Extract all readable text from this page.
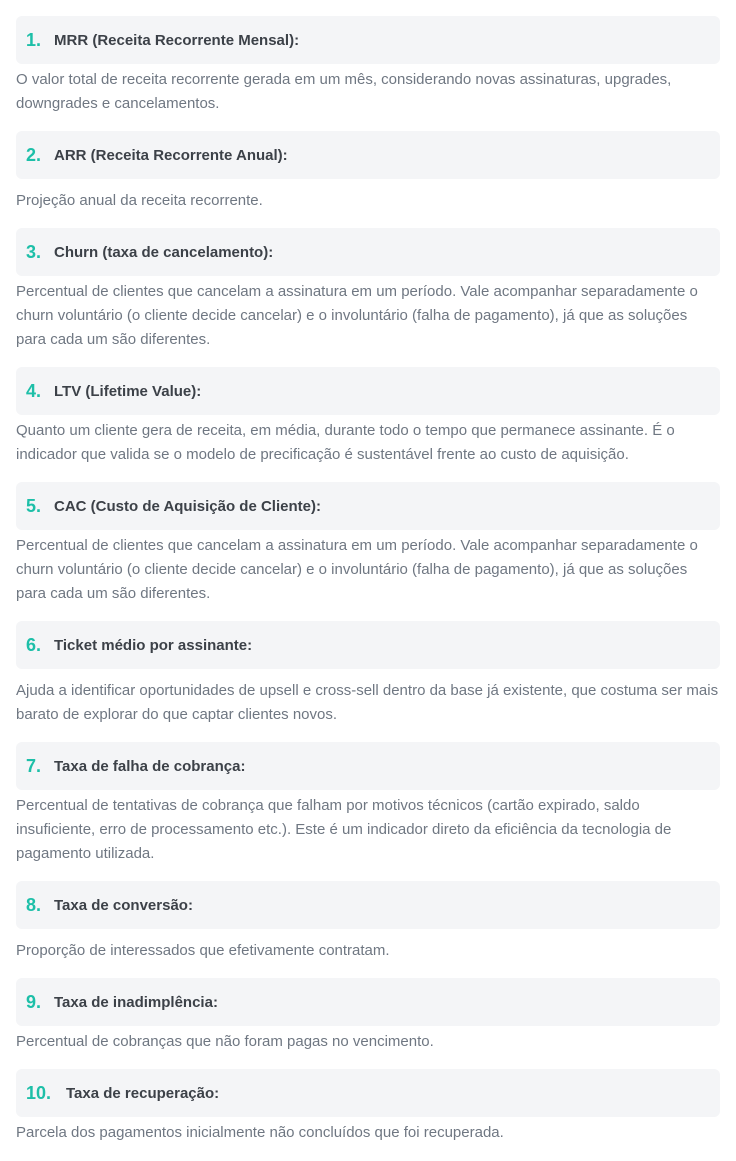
1. MRR (Receita Recorrente Mensal):

O valor total de receita recorrente gerada em um mês, considerando novas assinaturas, upgrades, downgrades e cancelamentos.

2. ARR (Receita Recorrente Anual):

Projeção anual da receita recorrente.

3. Churn (taxa de cancelamento):

Percentual de clientes que cancelam a assinatura em um período. Vale acompanhar separadamente o churn voluntário (o cliente decide cancelar) e o involuntário (falha de pagamento), já que as soluções para cada um são diferentes.

4. LTV (Lifetime Value):

Quanto um cliente gera de receita, em média, durante todo o tempo que permanece assinante. É o indicador que valida se o modelo de precificação é sustentável frente ao custo de aquisição.

5. CAC (Custo de Aquisição de Cliente):

Percentual de clientes que cancelam a assinatura em um período. Vale acompanhar separadamente o churn voluntário (o cliente decide cancelar) e o involuntário (falha de pagamento), já que as soluções para cada um são diferentes.

6. Ticket médio por assinante:

Ajuda a identificar oportunidades de upsell e cross-sell dentro da base já existente, que costuma ser mais barato de explorar do que captar clientes novos.

7. Taxa de falha de cobrança:

Percentual de tentativas de cobrança que falham por motivos técnicos (cartão expirado, saldo insuficiente, erro de processamento etc.). Este é um indicador direto da eficiência da tecnologia de pagamento utilizada.

8. Taxa de conversão:

Proporção de interessados que efetivamente contratam.

9. Taxa de inadimplência:

Percentual de cobranças que não foram pagas no vencimento.

10. Taxa de recuperação:

Parcela dos pagamentos inicialmente não concluídos que foi recuperada.
